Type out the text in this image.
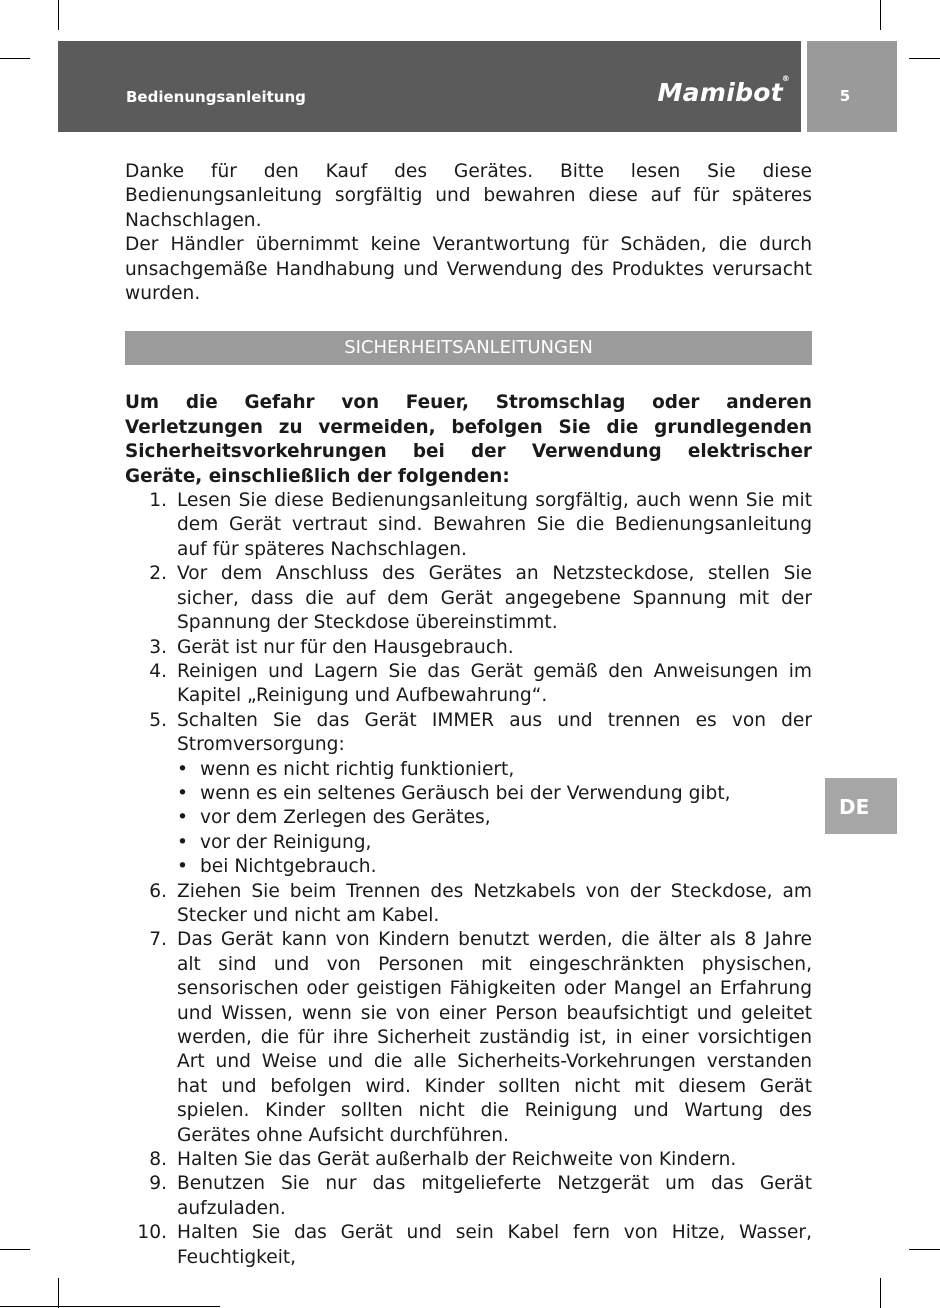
Bedienungsanleitung	Mamibot
®
5
DE

Danke für den Kauf des Gerätes. Bitte lesen Sie diese Bedienungsanleitung sorgfältig und bewahren diese auf für späteres Nachschlagen.

Der Händler übernimmt keine Verantwortung für Schäden, die durch unsachgemäße Handhabung und Verwendung des Produktes verursacht wurden.

SICHERHEITSANLEITUNGEN

Um die Gefahr von Feuer, Stromschlag oder anderen Verletzungen zu vermeiden, befolgen Sie die grundlegenden Sicherheitsvorkehrungen bei der Verwendung elektrischer Geräte, einschließlich der folgenden:

1. Lesen Sie diese Bedienungsanleitung sorgfältig, auch wenn Sie mit dem Gerät vertraut sind. Bewahren Sie die Bedienungsanleitung auf für späteres Nachschlagen.
2. Vor dem Anschluss des Gerätes an Netzsteckdose, stellen Sie sicher, dass die auf dem Gerät angegebene Spannung mit der Spannung der Steckdose übereinstimmt.
3. Gerät ist nur für den Hausgebrauch.
4. Reinigen und Lagern Sie das Gerät gemäß den Anweisungen im Kapitel „Reinigung und Aufbewahrung“.
5. Schalten Sie das Gerät IMMER aus und trennen es von der Stromversorgung:
• wenn es nicht richtig funktioniert,
• wenn es ein seltenes Geräusch bei der Verwendung gibt,
• vor dem Zerlegen des Gerätes,
• vor der Reinigung,
• bei Nichtgebrauch.
6. Ziehen Sie beim Trennen des Netzkabels von der Steckdose, am Stecker und nicht am Kabel.
7. Das Gerät kann von Kindern benutzt werden, die älter als 8 Jahre alt sind und von Personen mit eingeschränkten physischen, sensorischen oder geistigen Fähigkeiten oder Mangel an Erfahrung und Wissen, wenn sie von einer Person beaufsichtigt und geleitet werden, die für ihre Sicherheit zuständig ist, in einer vorsichtigen Art und Weise und die alle Sicherheits-Vorkehrungen verstanden hat und befolgen wird. Kinder sollten nicht mit diesem Gerät spielen. Kinder sollten nicht die Reinigung und Wartung des Gerätes ohne Aufsicht durchführen.
8. Halten Sie das Gerät außerhalb der Reichweite von Kindern.
9. Benutzen Sie nur das mitgelieferte Netzgerät um das Gerät aufzuladen.
10. Halten Sie das Gerät und sein Kabel fern von Hitze, Wasser, Feuchtigkeit,
